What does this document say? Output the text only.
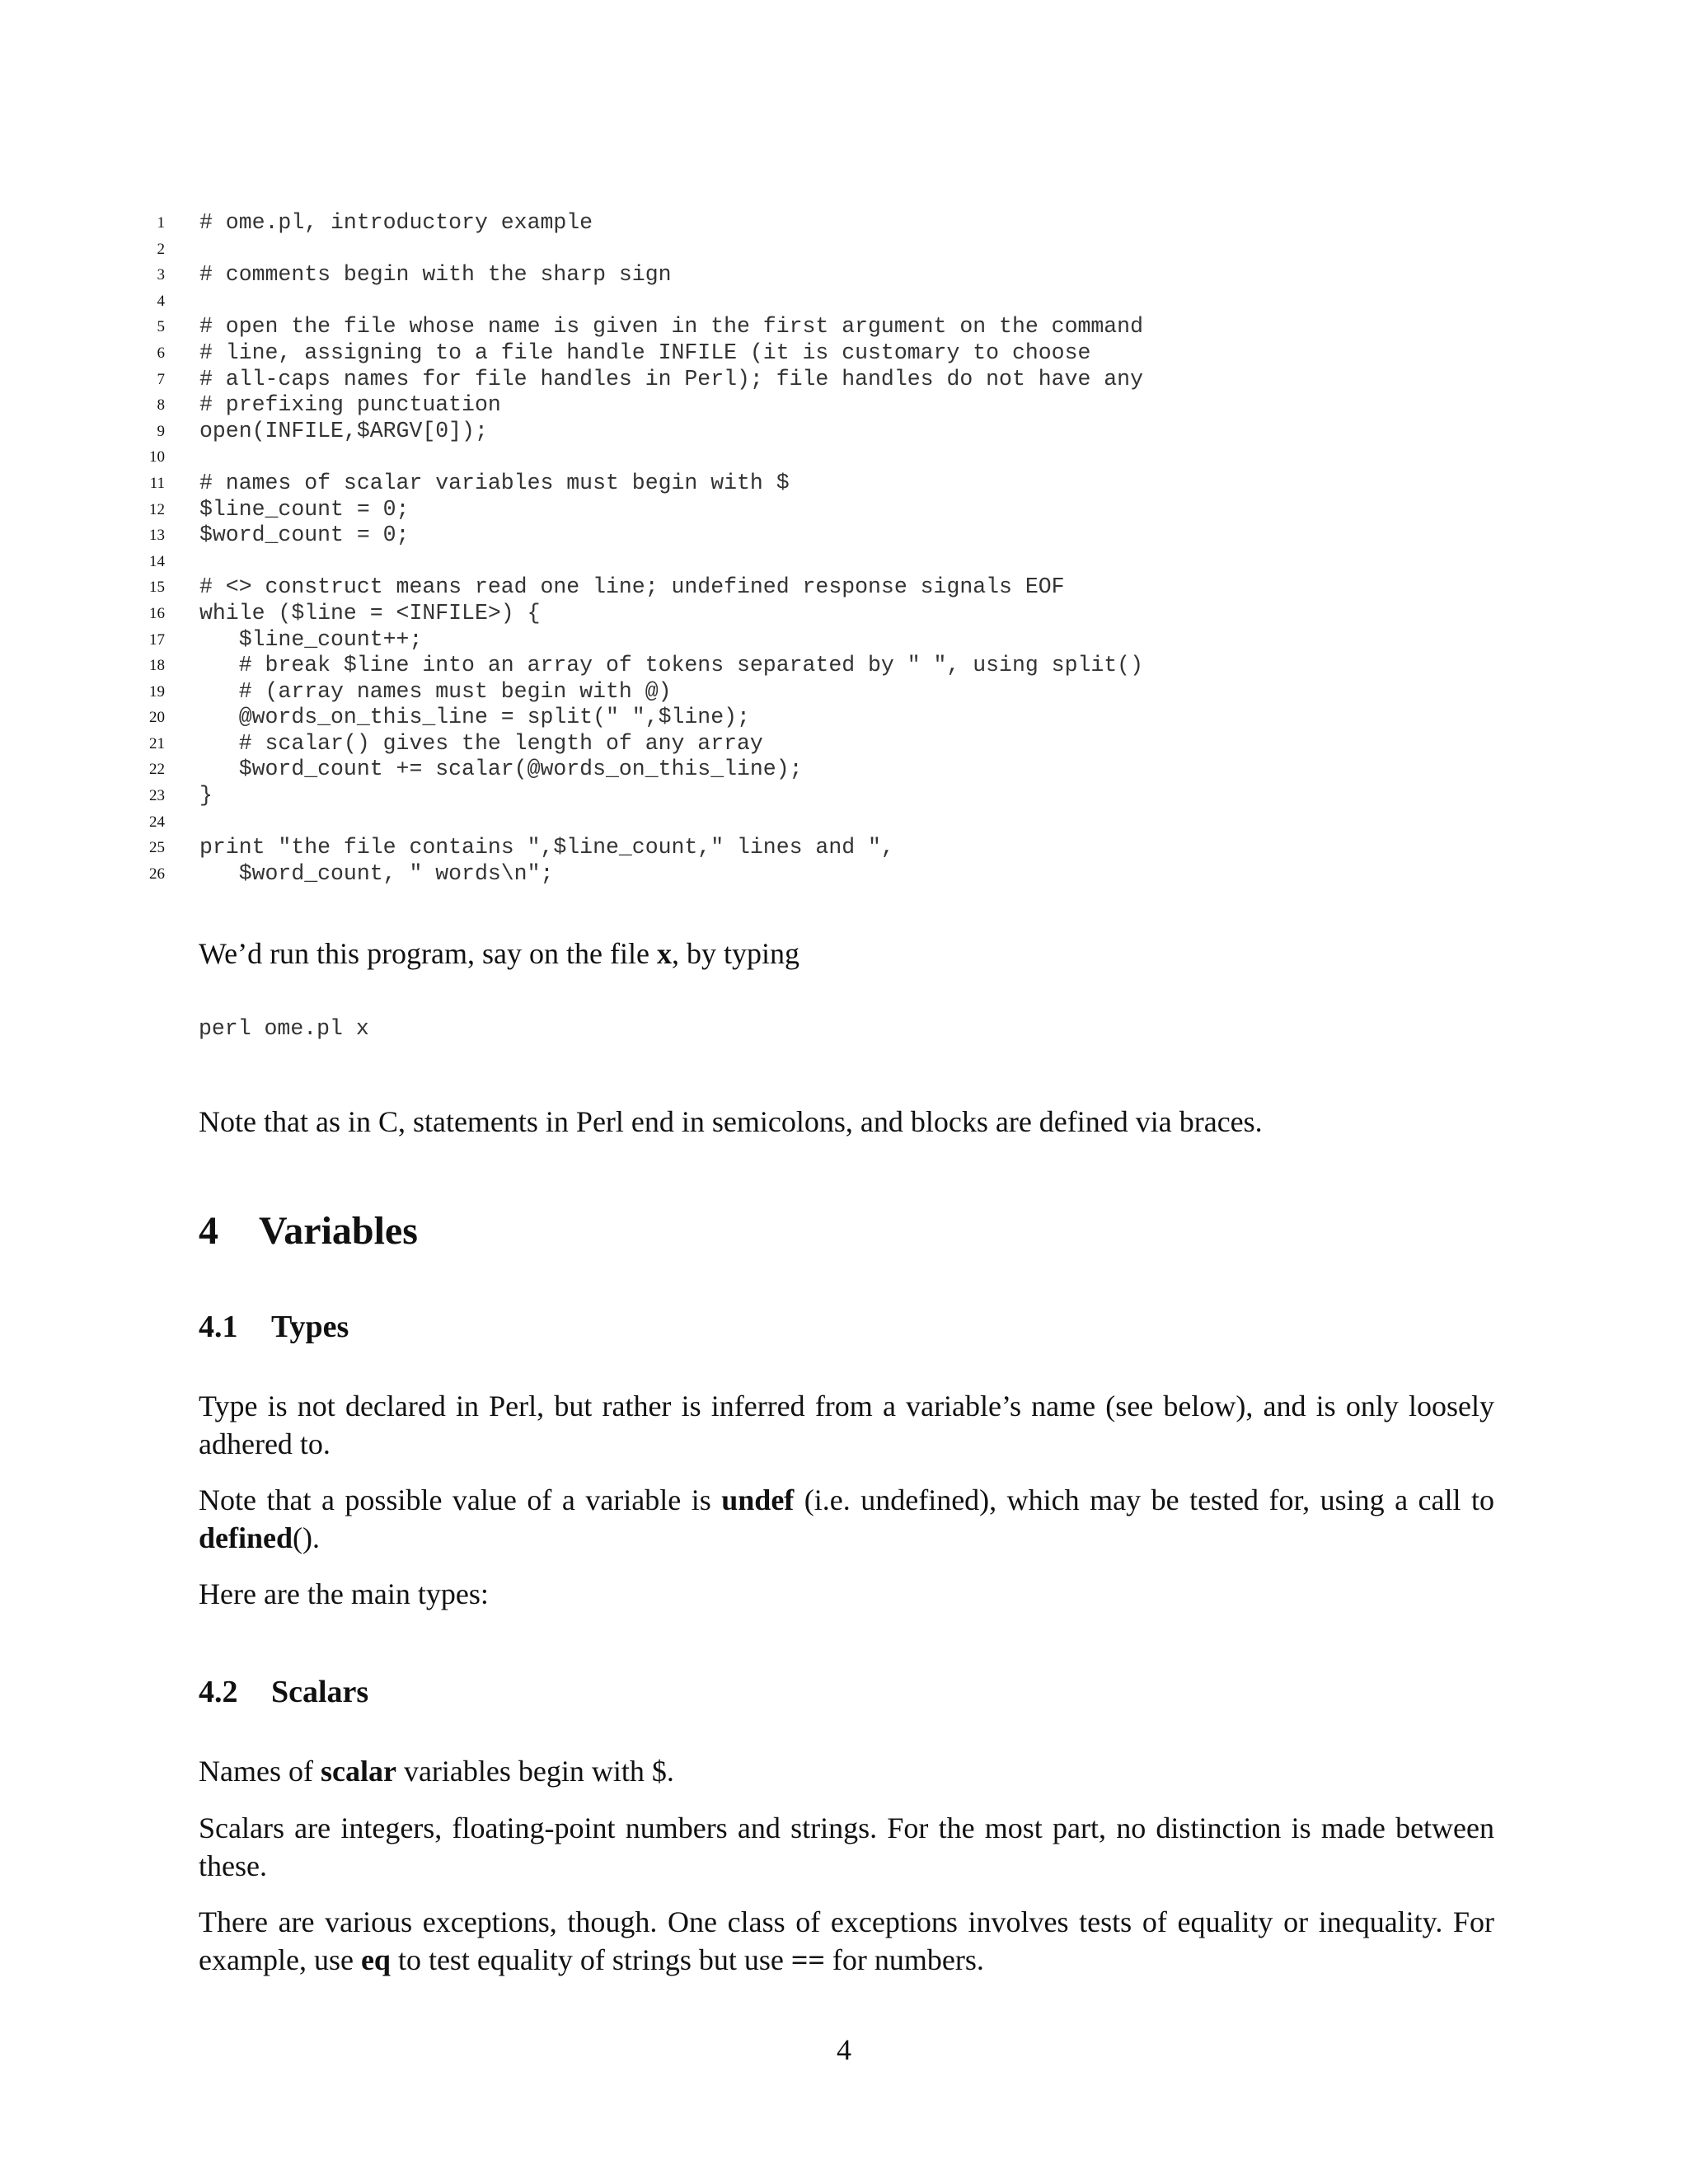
1 # ome.pl, introductory example
2
3 # comments begin with the sharp sign
4
5 # open the file whose name is given in the first argument on the command
6 # line, assigning to a file handle INFILE (it is customary to choose
7 # all-caps names for file handles in Perl); file handles do not have any
8 # prefixing punctuation
9 open(INFILE,$ARGV[0]);
10
11 # names of scalar variables must begin with $
12 $line_count = 0;
13 $word_count = 0;
14
15 # <> construct means read one line; undefined response signals EOF
16 while ($line = <INFILE>) {
17 $line_count++;
18 # break $line into an array of tokens separated by " ", using split()
19 # (array names must begin with @)
20 @words_on_this_line = split(" ",$line);
21 # scalar() gives the length of any array
22 $word_count += scalar(@words_on_this_line);
23 }
24
25 print "the file contains ",$line_count," lines and ",
26 $word_count, " words\n";
We’d run this program, say on the file x, by typing
perl ome.pl x
Note that as in C, statements in Perl end in semicolons, and blocks are defined via braces.
4 Variables
4.1 Types
Type is not declared in Perl, but rather is inferred from a variable’s name (see below), and is only loosely adhered to.
Note that a possible value of a variable is undef (i.e. undefined), which may be tested for, using a call to defined().
Here are the main types:
4.2 Scalars
Names of scalar variables begin with $.
Scalars are integers, floating-point numbers and strings. For the most part, no distinction is made between these.
There are various exceptions, though. One class of exceptions involves tests of equality or inequality. For example, use eq to test equality of strings but use == for numbers.
4
